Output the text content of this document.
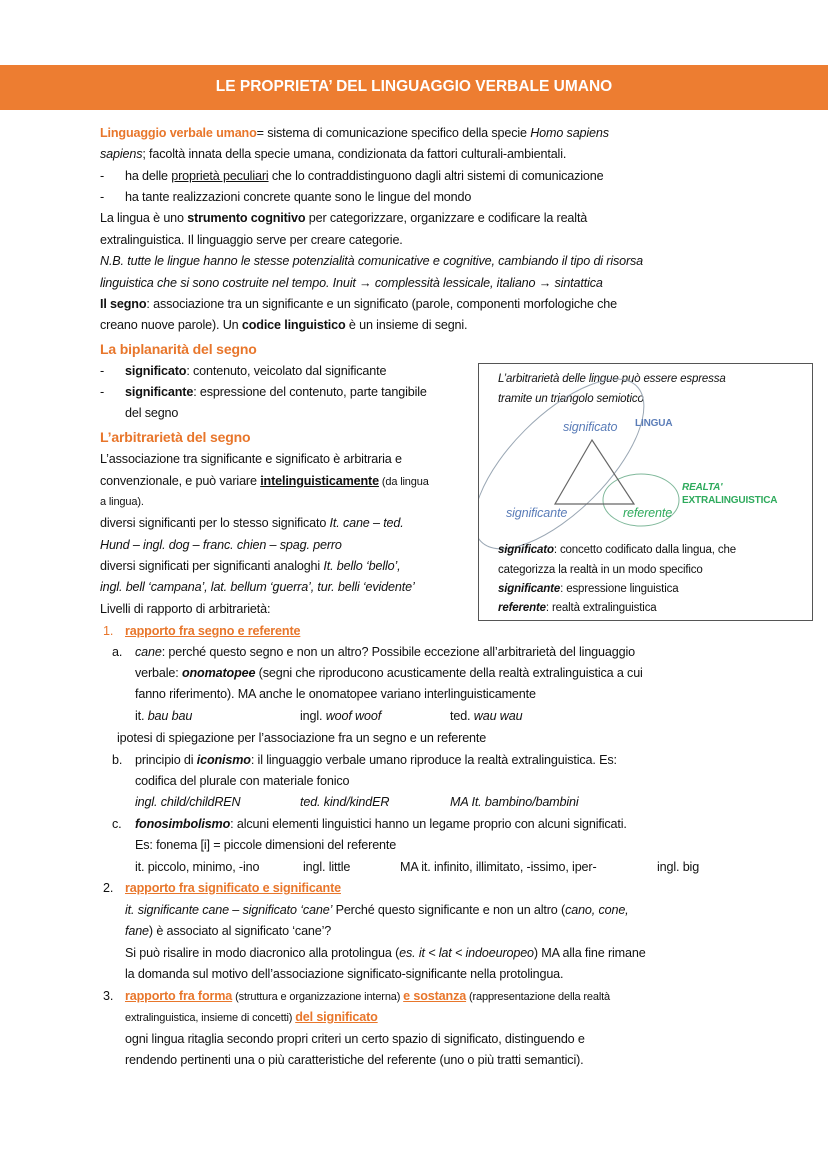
LE PROPRIETA’ DEL LINGUAGGIO VERBALE UMANO
Linguaggio verbale umano= sistema di comunicazione specifico della specie Homo sapiens
sapiens; facoltà innata della specie umana, condizionata da fattori culturali-ambientali.
- ha delle proprietà peculiari che lo contraddistinguono dagli altri sistemi di comunicazione
- ha tante realizzazioni concrete quante sono le lingue del mondo
La lingua è uno strumento cognitivo per categorizzare, organizzare e codificare la realtà
extralinguistica. Il linguaggio serve per creare categorie.
N.B. tutte le lingue hanno le stesse potenzialità comunicative e cognitive, cambiando il tipo di risorsa
linguistica che si sono costruite nel tempo. Inuit → complessità lessicale, italiano → sintattica
Il segno: associazione tra un significante e un significato (parole, componenti morfologiche che
creano nuove parole). Un codice linguistico è un insieme di segni.
La biplanarità del segno
- significato: contenuto, veicolato dal significante
- significante: espressione del contenuto, parte tangibile
del segno
L’arbitrarietà del segno
L’associazione tra significante e significato è arbitraria e
convenzionale, e può variare intelinguisticamente (da lingua
a lingua).
diversi significanti per lo stesso significato It. cane – ted.
Hund – ingl. dog – franc. chien – spag. perro
diversi significati per significanti analoghi It. bello ‘bello’,
ingl. bell ‘campana’, lat. bellum ‘guerra’, tur. belli ‘evidente’
Livelli di rapporto di arbitrarietà:
L’arbitrarietà delle lingue può essere espressa
tramite un triangolo semiotico
significato LINGUA
significante	referente
REALTA'
EXTRALINGUISTICA
significato: concetto codificato dalla lingua, che
categorizza la realtà in un modo specifico
significante: espressione linguistica
referente: realtà extralinguistica
1. rapporto fra segno e referente
a. cane: perché questo segno e non un altro? Possibile eccezione all’arbitrarietà del linguaggio
verbale: onomatopee (segni che riproducono acusticamente della realtà extralinguistica a cui
fanno riferimento). MA anche le onomatopee variano interlinguisticamente
it. bau bau	ingl. woof woof	ted. wau wau
ipotesi di spiegazione per l’associazione fra un segno e un referente
b. principio di iconismo: il linguaggio verbale umano riproduce la realtà extralinguistica. Es:
codifica del plurale con materiale fonico
ingl. child/childREN	ted. kind/kindER	MA It. bambino/bambini
c. fonosimbolismo: alcuni elementi linguistici hanno un legame proprio con alcuni significati.
Es: fonema [i] = piccole dimensioni del referente
it. piccolo, minimo, -ino	ingl. little	MA it. infinito, illimitato, -issimo, iper-	ingl. big
2. rapporto fra significato e significante
it. significante cane – significato ‘cane’ Perché questo significante e non un altro (cano, cone,
fane) è associato al significato ‘cane’?
Si può risalire in modo diacronico alla protolingua (es. it < lat < indoeuropeo) MA alla fine rimane
la domanda sul motivo dell’associazione significato-significante nella protolingua.
3. rapporto fra forma (struttura e organizzazione interna) e sostanza (rappresentazione della realtà
extralinguistica, insieme di concetti) del significato
ogni lingua ritaglia secondo propri criteri un certo spazio di significato, distinguendo e
rendendo pertinenti una o più caratteristiche del referente (uno o più tratti semantici).
